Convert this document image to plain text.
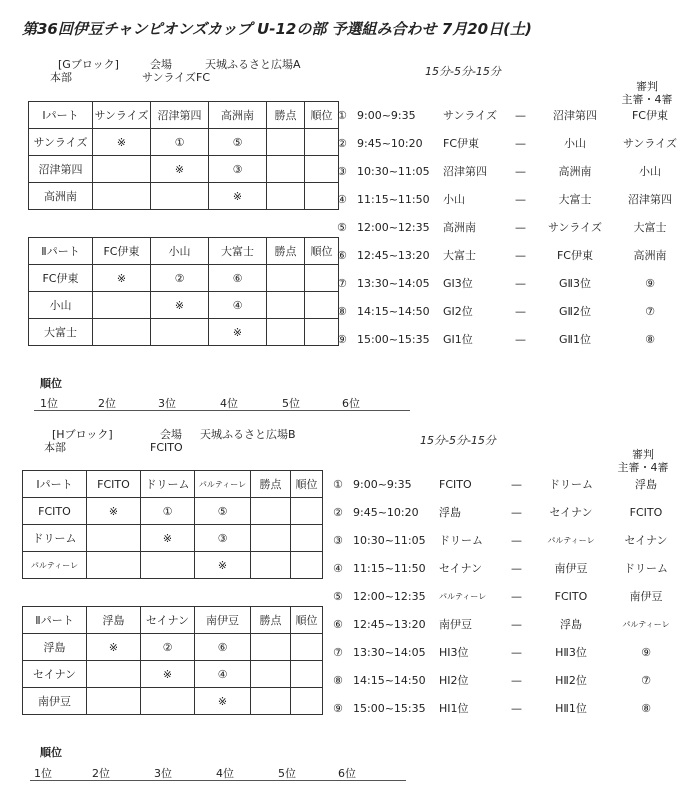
第36回伊豆チャンピオンズカップ U-12の部 予選組み合わせ 7月20日(土)
[Gブロック]
本部
会場	天城ふるさと広場A
サンライズFC	15分-5分-15分
審判
主審・4審
Ⅰパート	サンライズ	沼津第四	高洲南	勝点	順位
サンライズ	※	①	⑤		
沼津第四		※	③		
高洲南			※		
Ⅱパート	FC伊東	小山	大富士	勝点	順位
FC伊東	※	②	⑥		
小山		※	④		
大富士			※		
① 9:00~9:35 サンライズ —	沼津第四	FC伊東
② 9:45~10:20 FC伊東	—	小山	サンライズ
③ 10:30~11:05 沼津第四	—	高洲南	小山
④ 11:15~11:50 小山	—	大富士	沼津第四
⑤ 12:00~12:35 高洲南	—	サンライズ	大富士
⑥ 12:45~13:20 大富士	—	FC伊東	高洲南
⑦ 13:30~14:05 GⅠ3位	—	GⅡ3位	⑨
⑧ 14:15~14:50 GⅠ2位	—	GⅡ2位	⑦
⑨ 15:00~15:35 GⅠ1位	—	GⅡ1位	⑧
順位
1位	2位	3位	4位	5位	6位
[Hブロック]
本部
会場 天城ふるさと広場B
FCITO
15分-5分-15分
審判
主審・4審
Ⅰパート	FCITO	ドリーム	パルティーレ	勝点	順位
FCITO	※	①	⑤		
ドリーム		※	③		
パルティーレ			※		
Ⅱパート	浮島	セイナン	南伊豆	勝点	順位
浮島	※	②	⑥		
セイナン		※	④		
南伊豆			※		
① 9:00~9:35 FCITO	—	ドリーム	浮島
② 9:45~10:20 浮島	—	セイナン	FCITO
③ 10:30~11:05 ドリーム	—	パルティーレ	セイナン
④ 11:15~11:50 セイナン	—	南伊豆	ドリーム
⑤ 12:00~12:35 パルティーレ —	FCITO	南伊豆
⑥ 12:45~13:20 南伊豆	—	浮島	パルティーレ
⑦ 13:30~14:05 HⅠ3位	—	HⅡ3位	⑨
⑧ 14:15~14:50 HⅠ2位	—	HⅡ2位	⑦
⑨ 15:00~15:35 HⅠ1位	—	HⅡ1位	⑧
順位
1位	2位	3位	4位	5位	6位
